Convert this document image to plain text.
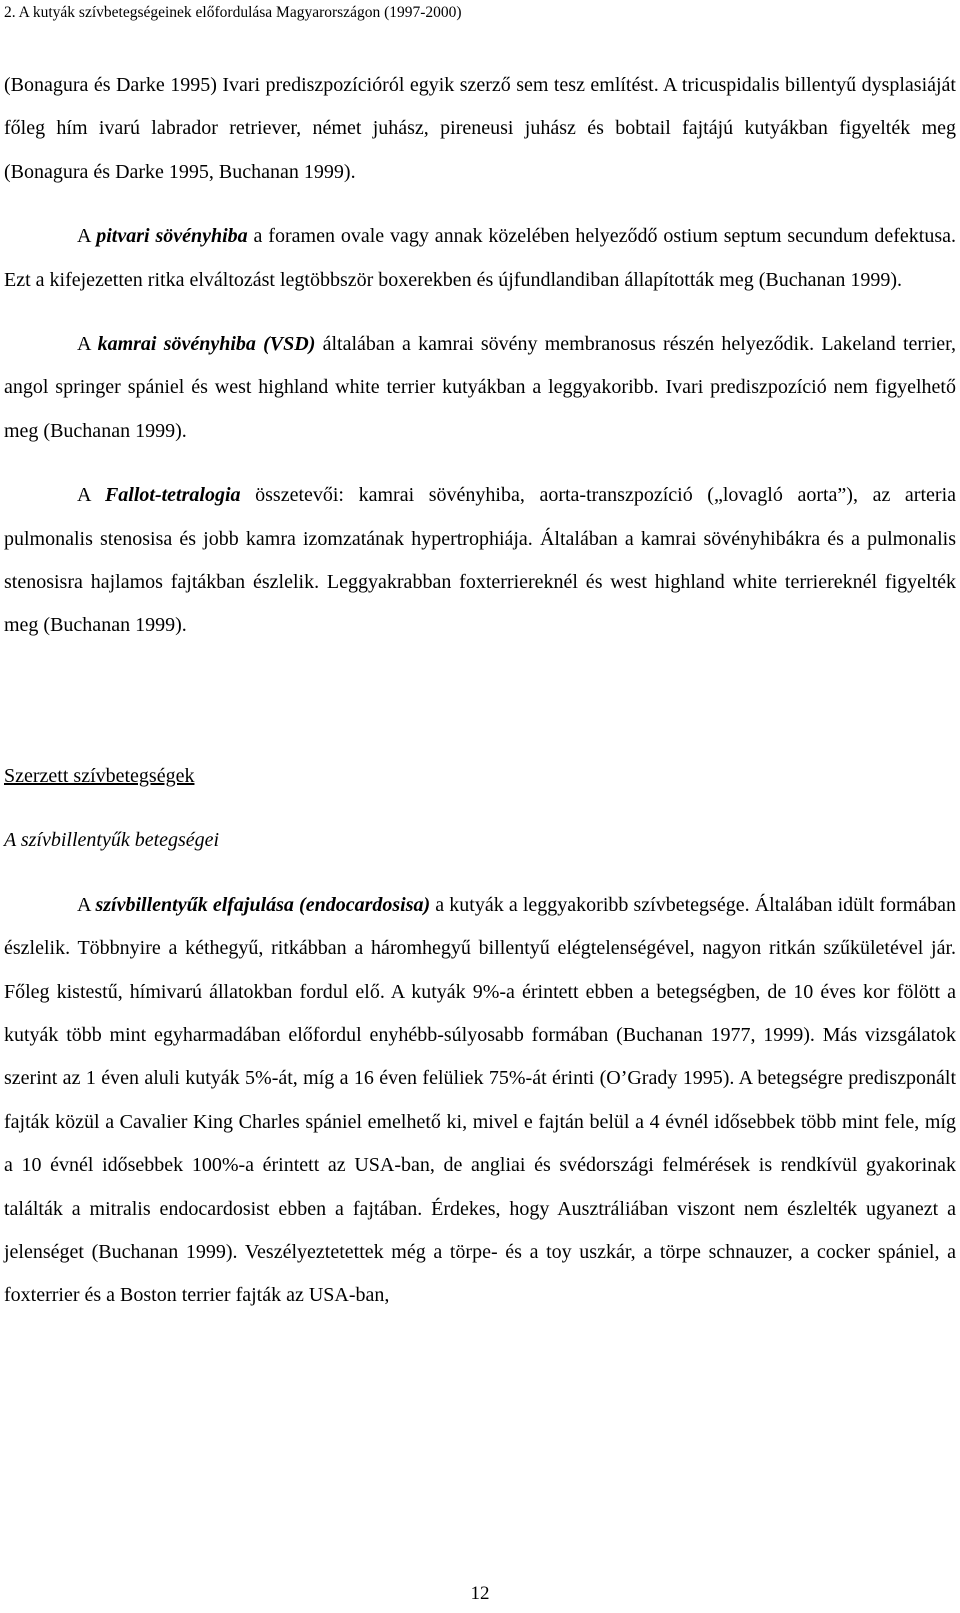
2. A kutyák szívbetegségeinek előfordulása Magyarországon (1997-2000)

(Bonagura és Darke 1995) Ivari prediszpozícióról egyik szerző sem tesz említést. A tricuspidalis billentyű dysplasiáját főleg hím ivarú labrador retriever, német juhász, pireneusi juhász és bobtail fajtájú kutyákban figyelték meg (Bonagura és Darke 1995, Buchanan 1999).

A pitvari sövényhiba a foramen ovale vagy annak közelében helyeződő ostium septum secundum defektusa. Ezt a kifejezetten ritka elváltozást legtöbbször boxerekben és újfundlandiban állapították meg (Buchanan 1999).

A kamrai sövényhiba (VSD) általában a kamrai sövény membranosus részén helyeződik. Lakeland terrier, angol springer spániel és west highland white terrier kutyákban a leggyakoribb. Ivari prediszpozíció nem figyelhető meg (Buchanan 1999).

A Fallot-tetralogia összetevői: kamrai sövényhiba, aorta-transzpozíció („lovagló aorta”), az arteria pulmonalis stenosisa és jobb kamra izomzatának hypertrophiája. Általában a kamrai sövényhibákra és a pulmonalis stenosisra hajlamos fajtákban észlelik. Leggyakrabban foxterriereknél és west highland white terriereknél figyelték meg (Buchanan 1999).

Szerzett szívbetegségek

A szívbillentyűk betegségei

A szívbillentyűk elfajulása (endocardosisa) a kutyák a leggyakoribb szívbetegsége. Általában idült formában észlelik. Többnyire a kéthegyű, ritkábban a háromhegyű billentyű elégtelenségével, nagyon ritkán szűkületével jár. Főleg kistestű, hímivarú állatokban fordul elő. A kutyák 9%-a érintett ebben a betegségben, de 10 éves kor fölött a kutyák több mint egyharmadában előfordul enyhébb-súlyosabb formában (Buchanan 1977, 1999). Más vizsgálatok szerint az 1 éven aluli kutyák 5%-át, míg a 16 éven felüliek 75%-át érinti (O’Grady 1995). A betegségre prediszponált fajták közül a Cavalier King Charles spániel emelhető ki, mivel e fajtán belül a 4 évnél idősebbek több mint fele, míg a 10 évnél idősebbek 100%-a érintett az USA-ban, de angliai és svédországi felmérések is rendkívül gyakorinak találták a mitralis endocardosist ebben a fajtában. Érdekes, hogy Ausztráliában viszont nem észlelték ugyanezt a jelenséget (Buchanan 1999). Veszélyeztetettek még a törpe- és a toy uszkár, a törpe schnauzer, a cocker spániel, a foxterrier és a Boston terrier fajták az USA-ban,

12
